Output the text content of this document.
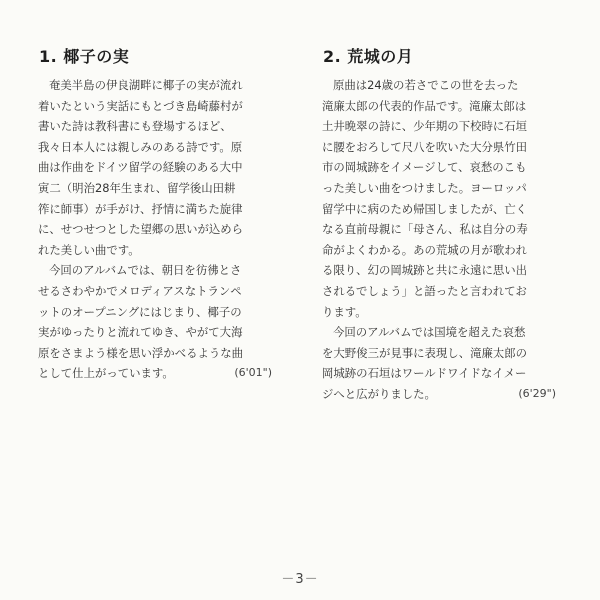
1. 椰子の実

奄美半島の伊良湖畔に椰子の実が流れ
着いたという実話にもとづき島崎藤村が
書いた詩は教科書にも登場するほど、
我々日本人には親しみのある詩です。原
曲は作曲をドイツ留学の経験のある大中
寅二（明治28年生まれ、留学後山田耕
筰に師事）が手がけ、抒情に満ちた旋律
に、せつせつとした望郷の思いが込めら
れた美しい曲です。

今回のアルバムでは、朝日を彷彿とさ
せるさわやかでメロディアスなトランペ
ットのオープニングにはじまり、椰子の
実がゆったりと流れてゆき、やがて大海
原をさまよう様を思い浮かべるような曲
として仕上がっています。	(6'01")

2. 荒城の月

原曲は24歳の若さでこの世を去った
滝廉太郎の代表的作品です。滝廉太郎は
土井晩翠の詩に、少年期の下校時に石垣
に腰をおろして尺八を吹いた大分県竹田
市の岡城跡をイメージして、哀愁のこも
った美しい曲をつけました。ヨーロッパ
留学中に病のため帰国しましたが、亡く
なる直前母親に「母さん、私は自分の寿
命がよくわかる。あの荒城の月が歌われ
る限り、幻の岡城跡と共に永遠に思い出
されるでしょう」と語ったと言われてお
ります。

今回のアルバムでは国境を超えた哀愁
を大野俊三が見事に表現し、滝廉太郎の
岡城跡の石垣はワールドワイドなイメー
ジへと広がりました。	(6'29")

－3－
